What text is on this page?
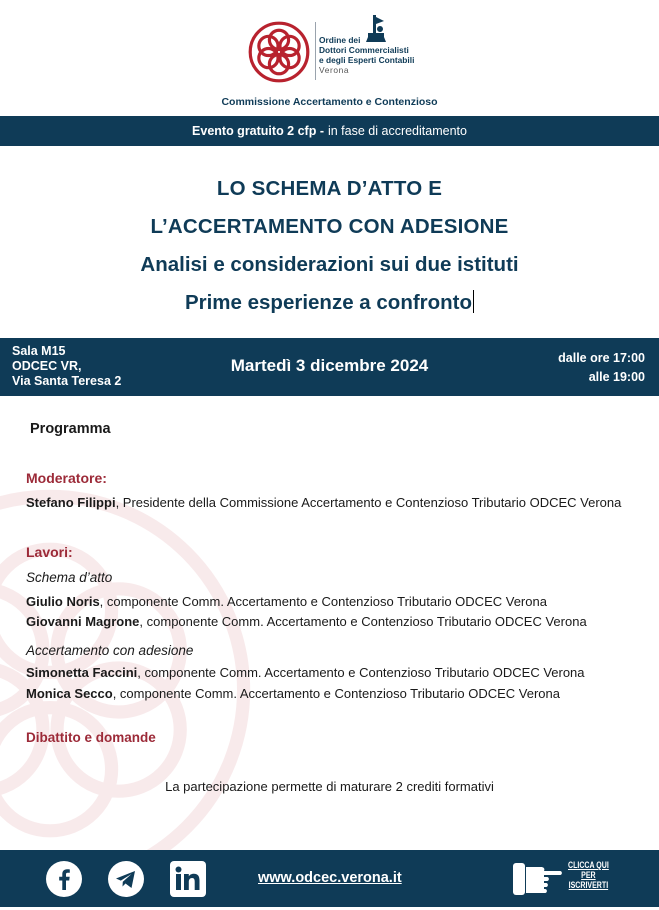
Ordine dei
Dottori Commercialisti
e degli Esperti Contabili
Verona
Commissione Accertamento e Contenzioso
Evento gratuito 2 cfp - in fase di accreditamento
LO SCHEMA D’ATTO E
L’ACCERTAMENTO CON ADESIONE
Analisi e considerazioni sui due istituti
Prime esperienze a confronto
Sala M15
ODCEC VR,
Via Santa Teresa 2
Martedì 3 dicembre 2024	dalle ore 17:00
alle 19:00
Programma
Moderatore:
Stefano Filippi, Presidente della Commissione Accertamento e Contenzioso Tributario ODCEC Verona
Lavori:
Schema d’atto
Giulio Noris, componente Comm. Accertamento e Contenzioso Tributario ODCEC Verona
Giovanni Magrone, componente Comm. Accertamento e Contenzioso Tributario ODCEC Verona
Accertamento con adesione
Simonetta Faccini, componente Comm. Accertamento e Contenzioso Tributario ODCEC Verona
Monica Secco, componente Comm. Accertamento e Contenzioso Tributario ODCEC Verona
Dibattito e domande
La partecipazione permette di maturare 2 crediti formativi
www.odcec.verona.it
CLICCA QUI
PER
ISCRIVERTI
